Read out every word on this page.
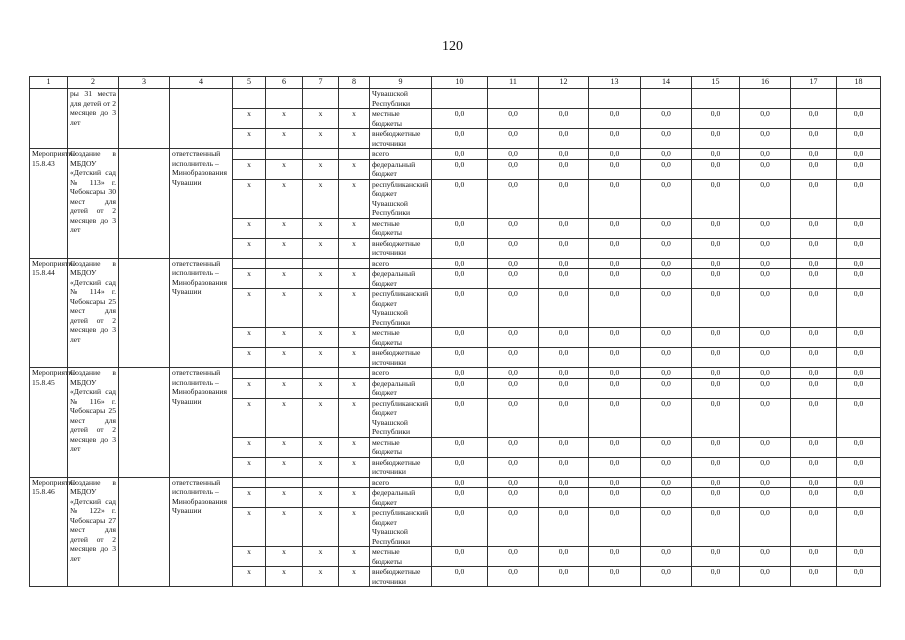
120
1	2	3	4	5	6	7	8	9	10	11	12	13	14	15	16	17	18
	ры 31 места для детей от 2 месяцев до 3 лет							Чувашской Республики									
				x	x	x	x	местные бюджеты	0,0	0,0	0,0	0,0	0,0	0,0	0,0	0,0	0,0
				x	x	x	x	внебюджетные источники	0,0	0,0	0,0	0,0	0,0	0,0	0,0	0,0	0,0
Мероприятие 15.8.43	Создание в МБДОУ «Детский сад № 113» г. Чебоксары 30 мест для детей от 2 месяцев до 3 лет		ответственный исполнитель – Минобразования Чувашии					всего	0,0	0,0	0,0	0,0	0,0	0,0	0,0	0,0	0,0
				x	x	x	x	федеральный бюджет	0,0	0,0	0,0	0,0	0,0	0,0	0,0	0,0	0,0
				x	x	x	x	республиканский бюджет Чувашской Республики	0,0	0,0	0,0	0,0	0,0	0,0	0,0	0,0	0,0
				x	x	x	x	местные бюджеты	0,0	0,0	0,0	0,0	0,0	0,0	0,0	0,0	0,0
				x	x	x	x	внебюджетные источники	0,0	0,0	0,0	0,0	0,0	0,0	0,0	0,0	0,0
Мероприятие 15.8.44	Создание в МБДОУ «Детский сад № 114» г. Чебоксары 25 мест для детей от 2 месяцев до 3 лет		ответственный исполнитель – Минобразования Чувашии					всего	0,0	0,0	0,0	0,0	0,0	0,0	0,0	0,0	0,0
				x	x	x	x	федеральный бюджет	0,0	0,0	0,0	0,0	0,0	0,0	0,0	0,0	0,0
				x	x	x	x	республиканский бюджет Чувашской Республики	0,0	0,0	0,0	0,0	0,0	0,0	0,0	0,0	0,0
				x	x	x	x	местные бюджеты	0,0	0,0	0,0	0,0	0,0	0,0	0,0	0,0	0,0
				x	x	x	x	внебюджетные источники	0,0	0,0	0,0	0,0	0,0	0,0	0,0	0,0	0,0
Мероприятие 15.8.45	Создание в МБДОУ «Детский сад № 116» г. Чебоксары 25 мест для детей от 2 месяцев до 3 лет		ответственный исполнитель – Минобразования Чувашии					всего	0,0	0,0	0,0	0,0	0,0	0,0	0,0	0,0	0,0
				x	x	x	x	федеральный бюджет	0,0	0,0	0,0	0,0	0,0	0,0	0,0	0,0	0,0
				x	x	x	x	республиканский бюджет Чувашской Республики	0,0	0,0	0,0	0,0	0,0	0,0	0,0	0,0	0,0
				x	x	x	x	местные бюджеты	0,0	0,0	0,0	0,0	0,0	0,0	0,0	0,0	0,0
				x	x	x	x	внебюджетные источники	0,0	0,0	0,0	0,0	0,0	0,0	0,0	0,0	0,0
Мероприятие 15.8.46	Создание в МБДОУ «Детский сад № 122» г. Чебоксары 27 мест для детей от 2 месяцев до 3 лет		ответственный исполнитель – Минобразования Чувашии					всего	0,0	0,0	0,0	0,0	0,0	0,0	0,0	0,0	0,0
				x	x	x	x	федеральный бюджет	0,0	0,0	0,0	0,0	0,0	0,0	0,0	0,0	0,0
				x	x	x	x	республиканский бюджет Чувашской Республики	0,0	0,0	0,0	0,0	0,0	0,0	0,0	0,0	0,0
				x	x	x	x	местные бюджеты	0,0	0,0	0,0	0,0	0,0	0,0	0,0	0,0	0,0
				x	x	x	x	внебюджетные источники	0,0	0,0	0,0	0,0	0,0	0,0	0,0	0,0	0,0
